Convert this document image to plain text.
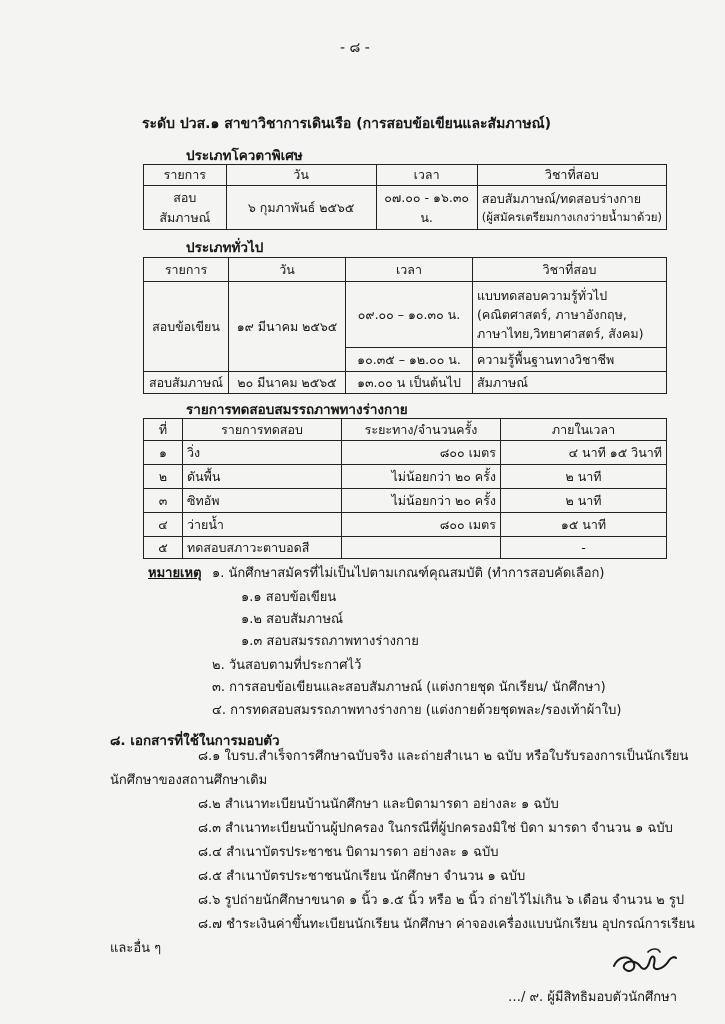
- ๘ -
ระดับ ปวส.๑ สาขาวิชาการเดินเรือ (การสอบข้อเขียนและสัมภาษณ์)
ประเภทโควตาพิเศษ
รายการ	วัน	เวลา	วิชาที่สอบ
สอบสัมภาษณ์	๖ กุมภาพันธ์ ๒๕๖๕	๐๗.๐๐ - ๑๖.๓๐ น.	สอบสัมภาษณ์/ทดสอบร่างกาย
(ผู้สมัครเตรียมกางเกงว่ายน้ำมาด้วย)
ประเภททั่วไป
รายการ	วัน	เวลา	วิชาที่สอบ
สอบข้อเขียน	๑๙ มีนาคม ๒๕๖๕	๐๙.๐๐ – ๑๐.๓๐ น.	แบบทดสอบความรู้ทั่วไป
(คณิตศาสตร์, ภาษาอังกฤษ,
ภาษาไทย,วิทยาศาสตร์, สังคม)

		๑๐.๓๕ – ๑๒.๐๐ น.	ความรู้พื้นฐานทางวิชาชีพ
สอบสัมภาษณ์	๒๐ มีนาคม ๒๕๖๕	๑๓.๐๐ น เป็นต้นไป	สัมภาษณ์
รายการทดสอบสมรรถภาพทางร่างกาย
ที่	รายการทดสอบ	ระยะทาง/จำนวนครั้ง	ภายในเวลา
๑	วิ่ง	๘๐๐ เมตร	๔ นาที ๑๕ วินาที
๒	ดันพื้น	ไม่น้อยกว่า ๒๐ ครั้ง	๒ นาที
๓	ซิทอัพ	ไม่น้อยกว่า ๒๐ ครั้ง	๒ นาที
๔	ว่ายน้ำ	๘๐๐ เมตร	๑๕ นาที
๕	ทดสอบสภาวะตาบอดสี		-
หมายเหตุ ๑. นักศึกษาสมัครที่ไม่เป็นไปตามเกณฑ์คุณสมบัติ (ทำการสอบคัดเลือก)
๑.๑ สอบข้อเขียน
๑.๒ สอบสัมภาษณ์
๑.๓ สอบสมรรถภาพทางร่างกาย
๒. วันสอบตามที่ประกาศไว้
๓. การสอบข้อเขียนและสอบสัมภาษณ์ (แต่งกายชุด นักเรียน/ นักศึกษา)
๔. การทดสอบสมรรถภาพทางร่างกาย (แต่งกายด้วยชุดพละ/รองเท้าผ้าใบ)
๘. เอกสารที่ใช้ในการมอบตัว
๘.๑ ใบรบ.สำเร็จการศึกษาฉบับจริง และถ่ายสำเนา ๒ ฉบับ หรือใบรับรองการเป็นนักเรียน
นักศึกษาของสถานศึกษาเดิม
๘.๒ สำเนาทะเบียนบ้านนักศึกษา และบิดามารดา อย่างละ ๑ ฉบับ
๘.๓ สำเนาทะเบียนบ้านผู้ปกครอง ในกรณีที่ผู้ปกครองมิใช่ บิดา มารดา จำนวน ๑ ฉบับ
๘.๔ สำเนาบัตรประชาชน บิดามารดา อย่างละ ๑ ฉบับ
๘.๕ สำเนาบัตรประชาชนนักเรียน นักศึกษา จำนวน ๑ ฉบับ
๘.๖ รูปถ่ายนักศึกษาขนาด ๑ นิ้ว ๑.๕ นิ้ว หรือ ๒ นิ้ว ถ่ายไว้ไม่เกิน ๖ เดือน จำนวน ๒ รูป
๘.๗ ชำระเงินค่าขึ้นทะเบียนนักเรียน นักศึกษา ค่าจองเครื่องแบบนักเรียน อุปกรณ์การเรียน
และอื่น ๆ
…/ ๙. ผู้มีสิทธิมอบตัวนักศึกษา
